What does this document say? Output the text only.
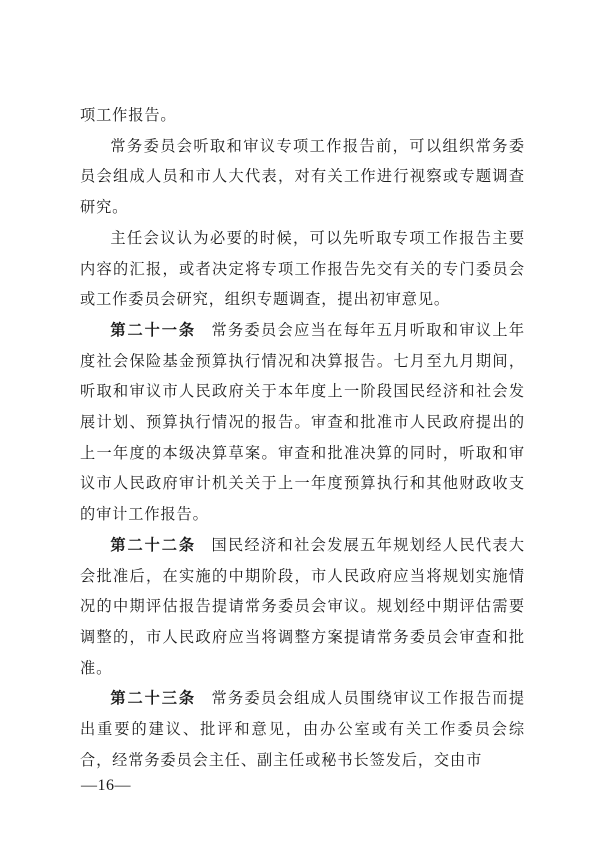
项工作报告。

常务委员会听取和审议专项工作报告前，可以组织常务委员会组成人员和市人大代表，对有关工作进行视察或专题调查研究。

主任会议认为必要的时候，可以先听取专项工作报告主要内容的汇报，或者决定将专项工作报告先交有关的专门委员会或工作委员会研究，组织专题调查，提出初审意见。

第二十一条 常务委员会应当在每年五月听取和审议上年度社会保险基金预算执行情况和决算报告。七月至九月期间，听取和审议市人民政府关于本年度上一阶段国民经济和社会发展计划、预算执行情况的报告。审查和批准市人民政府提出的上一年度的本级决算草案。审查和批准决算的同时，听取和审议市人民政府审计机关关于上一年度预算执行和其他财政收支的审计工作报告。

第二十二条 国民经济和社会发展五年规划经人民代表大会批准后，在实施的中期阶段，市人民政府应当将规划实施情况的中期评估报告提请常务委员会审议。规划经中期评估需要调整的，市人民政府应当将调整方案提请常务委员会审查和批准。

第二十三条 常务委员会组成人员围绕审议工作报告而提出重要的建议、批评和意见，由办公室或有关工作委员会综合，经常务委员会主任、副主任或秘书长签发后，交由市

—16—
